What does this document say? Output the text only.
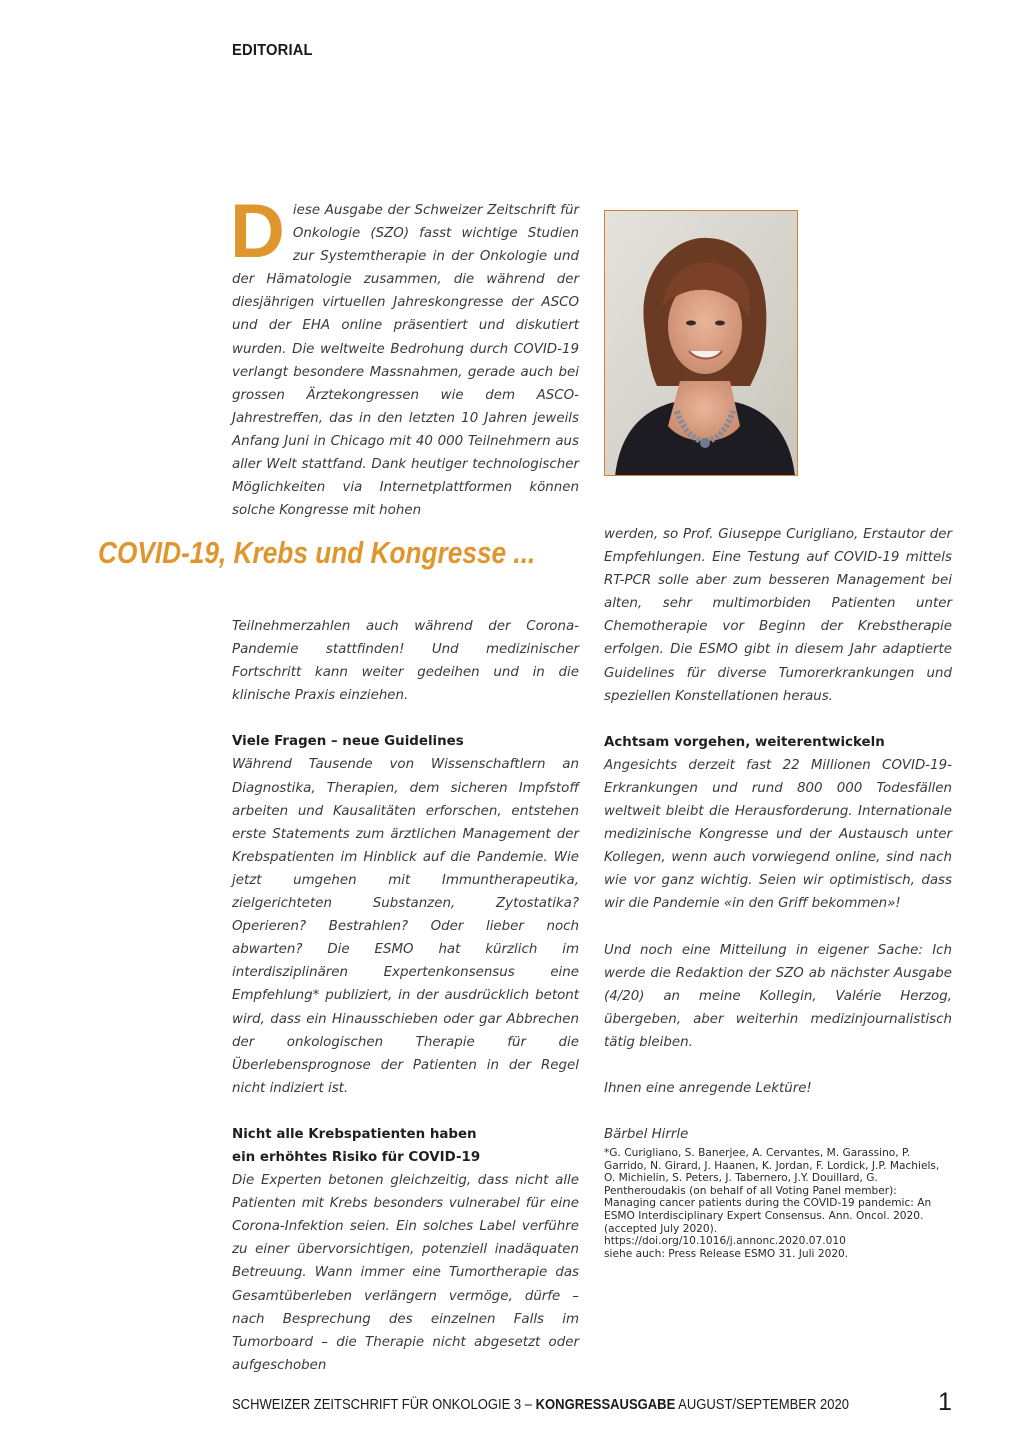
EDITORIAL
D iese Ausgabe der Schweizer Zeitschrift für Onkologie (SZO) fasst wichtige Studien zur Systemtherapie in der Onkologie und der Hämatologie zusammen, die während der diesjährigen virtuellen Jahreskongresse der ASCO und der EHA online präsentiert und diskutiert wurden. Die weltweite Bedrohung durch COVID-19 verlangt besondere Massnahmen, gerade auch bei grossen Ärztekongressen wie dem ASCO-Jahrestreffen, das in den letzten 10 Jahren jeweils Anfang Juni in Chicago mit 40 000 Teilnehmern aus aller Welt stattfand. Dank heutiger technologischer Möglichkeiten via Internetplattformen können solche Kongresse mit hohen
COVID-19, Krebs und Kongresse ...

Teilnehmerzahlen auch während der Corona-Pandemie stattfinden! Und medizinischer Fortschritt kann weiter gedeihen und in die klinische Praxis einziehen.

Viele Fragen – neue Guidelines

Während Tausende von Wissenschaftlern an Diagnostika, Therapien, dem sicheren Impfstoff arbeiten und Kausalitäten erforschen, entstehen erste Statements zum ärztlichen Management der Krebspatienten im Hinblick auf die Pandemie. Wie jetzt umgehen mit Immuntherapeutika, zielgerichteten Substanzen, Zytostatika? Operieren? Bestrahlen? Oder lieber noch abwarten? Die ESMO hat kürzlich im interdisziplinären Expertenkonsensus eine Empfehlung* publiziert, in der ausdrücklich betont wird, dass ein Hinausschieben oder gar Abbrechen der onkologischen Therapie für die Überlebensprognose der Patienten in der Regel nicht indiziert ist.

Nicht alle Krebspatienten haben
ein erhöhtes Risiko für COVID-19

Die Experten betonen gleichzeitig, dass nicht alle Patienten mit Krebs besonders vulnerabel für eine Corona-Infektion seien. Ein solches Label verführe zu einer übervorsichtigen, potenziell inadäquaten Betreuung. Wann immer eine Tumortherapie das Gesamtüberleben verlängern vermöge, dürfe – nach Besprechung des einzelnen Falls im Tumorboard – die Therapie nicht abgesetzt oder aufgeschoben

werden, so Prof. Giuseppe Curigliano, Erstautor der Empfehlungen. Eine Testung auf COVID-19 mittels RT-PCR solle aber zum besseren Management bei alten, sehr multimorbiden Patienten unter Chemotherapie vor Beginn der Krebstherapie erfolgen. Die ESMO gibt in diesem Jahr adaptierte Guidelines für diverse Tumorerkrankungen und speziellen Konstellationen heraus.

Achtsam vorgehen, weiterentwickeln

Angesichts derzeit fast 22 Millionen COVID-19-Erkrankungen und rund 800 000 Todesfällen weltweit bleibt die Herausforderung. Internationale medizinische Kongresse und der Austausch unter Kollegen, wenn auch vorwiegend online, sind nach wie vor ganz wichtig. Seien wir optimistisch, dass wir die Pandemie «in den Griff bekommen»!

Und noch eine Mitteilung in eigener Sache: Ich werde die Redaktion der SZO ab nächster Ausgabe (4/20) an meine Kollegin, Valérie Herzog, übergeben, aber weiterhin medizinjournalistisch tätig bleiben.

Ihnen eine anregende Lektüre!

Bärbel Hirrle

*G. Curigliano, S. Banerjee, A. Cervantes, M. Garassino, P. Garrido, N. Girard, J. Haanen, K. Jordan, F. Lordick, J.P. Machiels, O. Michielin, S. Peters, J. Tabernero, J.Y. Douillard, G. Pentheroudakis (on behalf of all Voting Panel member): Managing cancer patients during the COVID-19 pandemic: An ESMO Interdisciplinary Expert Consensus. Ann. Oncol. 2020. (accepted July 2020).

https://doi.org/10.1016/j.annonc.2020.07.010

siehe auch: Press Release ESMO 31. Juli 2020.

SCHWEIZER ZEITSCHRIFT FÜR ONKOLOGIE 3 – KONGRESSAUSGABE AUGUST/SEPTEMBER 2020	1
